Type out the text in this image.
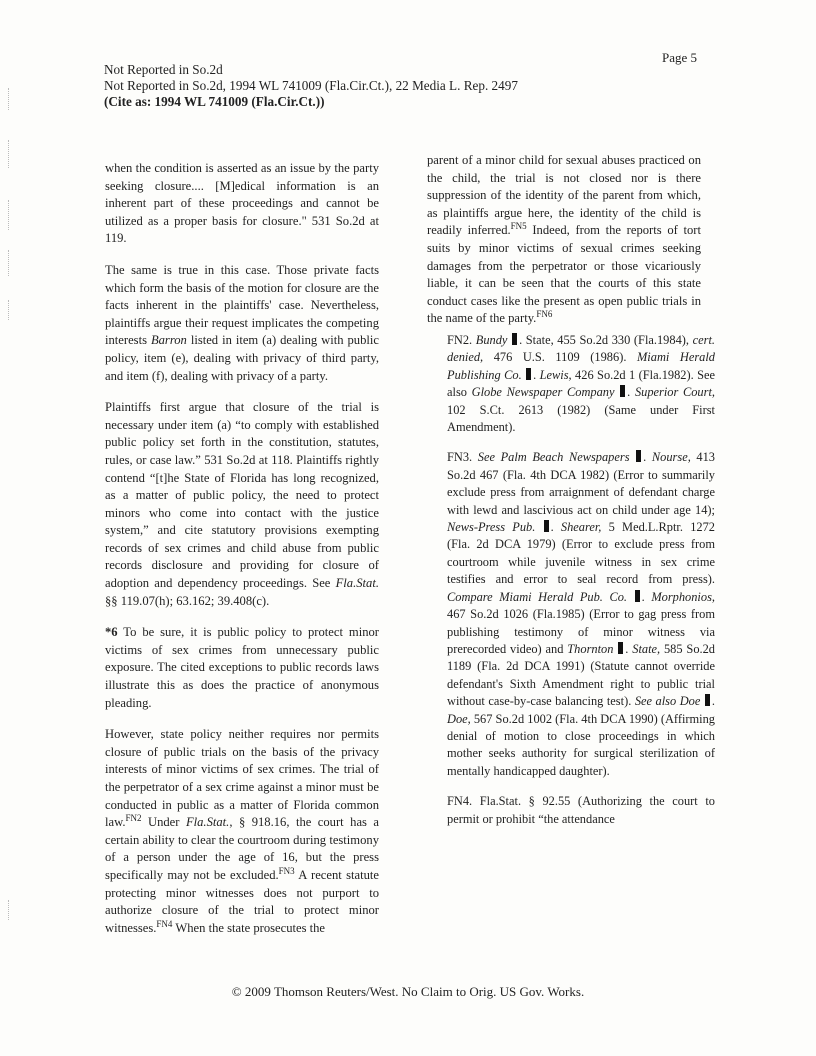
Page 5
Not Reported in So.2d
Not Reported in So.2d, 1994 WL 741009 (Fla.Cir.Ct.), 22 Media L. Rep. 2497
(Cite as: 1994 WL 741009 (Fla.Cir.Ct.))

when the condition is asserted as an issue by the party seeking closure.... [M]edical information is an inherent part of these proceedings and cannot be utilized as a proper basis for closure." 531 So.2d at 119.

The same is true in this case. Those private facts which form the basis of the motion for closure are the facts inherent in the plaintiffs' case. Nevertheless, plaintiffs argue their request implicates the competing interests Barron listed in item (a) dealing with public policy, item (e), dealing with privacy of third party, and item (f), dealing with privacy of a party.

Plaintiffs first argue that closure of the trial is necessary under item (a) “to comply with established public policy set forth in the constitution, statutes, rules, or case law.” 531 So.2d at 118. Plaintiffs rightly contend “[t]he State of Florida has long recognized, as a matter of public policy, the need to protect minors who come into contact with the justice system,” and cite statutory provisions exempting records of sex crimes and child abuse from public records disclosure and providing for closure of adoption and dependency proceedings. See Fla.Stat. §§ 119.07(h); 63.162; 39.408(c).

*6 To be sure, it is public policy to protect minor victims of sex crimes from unnecessary public exposure. The cited exceptions to public records laws illustrate this as does the practice of anonymous pleading.

However, state policy neither requires nor permits closure of public trials on the basis of the privacy interests of minor victims of sex crimes. The trial of the perpetrator of a sex crime against a minor must be conducted in public as a matter of Florida common law.$^{FN2}$ Under Fla.Stat., § 918.16, the court has a certain ability to clear the courtroom during testimony of a person under the age of 16, but the press specifically may not be excluded.$^{FN3}$ A recent statute protecting minor witnesses does not purport to authorize closure of the trial to protect minor witnesses.$^{FN4}$ When the state prosecutes the

parent of a minor child for sexual abuses practiced on the child, the trial is not closed nor is there suppression of the identity of the parent from which, as plaintiffs argue here, the identity of the child is readily inferred.$^{FN5}$ Indeed, from the reports of tort suits by minor victims of sexual crimes seeking damages from the perpetrator or those vicariously liable, it can be seen that the courts of this state conduct cases like the present as open public trials in the name of the party.$^{FN6}$

FN2. Bundy . State, 455 So.2d 330 (Fla.1984), cert. denied, 476 U.S. 1109 (1986). Miami Herald Publishing Co. . Lewis, 426 So.2d 1 (Fla.1982). See also Globe Newspaper Company . Superior Court, 102 S.Ct. 2613 (1982) (Same under First Amendment).

FN3. See Palm Beach Newspapers . Nourse, 413 So.2d 467 (Fla. 4th DCA 1982) (Error to summarily exclude press from arraignment of defendant charge with lewd and lascivious act on child under age 14); News-Press Pub. . Shearer, 5 Med.L.Rptr. 1272 (Fla. 2d DCA 1979) (Error to exclude press from courtroom while juvenile witness in sex crime testifies and error to seal record from press). Compare Miami Herald Pub. Co. . Morphonios, 467 So.2d 1026 (Fla.1985) (Error to gag press from publishing testimony of minor witness via prerecorded video) and Thornton . State, 585 So.2d 1189 (Fla. 2d DCA 1991) (Statute cannot override defendant's Sixth Amendment right to public trial without case-by-case balancing test). See also Doe . Doe, 567 So.2d 1002 (Fla. 4th DCA 1990) (Affirming denial of motion to close proceedings in which mother seeks authority for surgical sterilization of mentally handicapped daughter).

FN4. Fla.Stat. § 92.55 (Authorizing the court to permit or prohibit “the attendance

© 2009 Thomson Reuters/West. No Claim to Orig. US Gov. Works.
